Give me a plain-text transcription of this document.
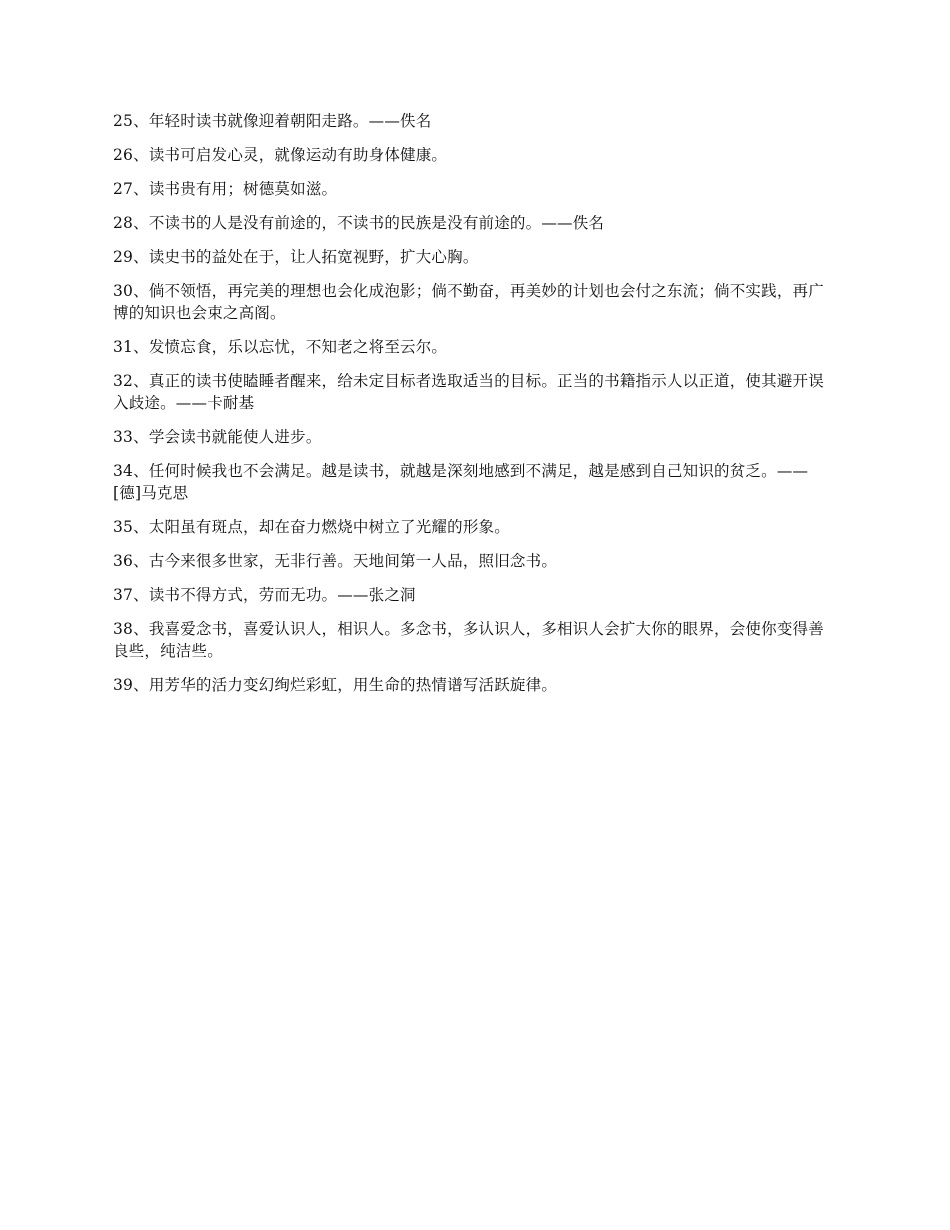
25、年轻时读书就像迎着朝阳走路。——佚名

26、读书可启发心灵，就像运动有助身体健康。

27、读书贵有用；树德莫如滋。

28、不读书的人是没有前途的，不读书的民族是没有前途的。——佚名

29、读史书的益处在于，让人拓宽视野，扩大心胸。

30、倘不领悟，再完美的理想也会化成泡影；倘不勤奋，再美妙的计划也会付之东流；倘不实践，再广博的知识也会束之高阁。

31、发愤忘食，乐以忘忧，不知老之将至云尔。

32、真正的读书使瞌睡者醒来，给未定目标者选取适当的目标。正当的书籍指示人以正道，使其避开误入歧途。——卡耐基

33、学会读书就能使人进步。

34、任何时候我也不会满足。越是读书，就越是深刻地感到不满足，越是感到自己知识的贫乏。——[德]马克思

35、太阳虽有斑点，却在奋力燃烧中树立了光耀的形象。

36、古今来很多世家，无非行善。天地间第一人品，照旧念书。

37、读书不得方式，劳而无功。——张之洞

38、我喜爱念书，喜爱认识人，相识人。多念书，多认识人，多相识人会扩大你的眼界，会使你变得善良些，纯洁些。

39、用芳华的活力变幻绚烂彩虹，用生命的热情谱写活跃旋律。
